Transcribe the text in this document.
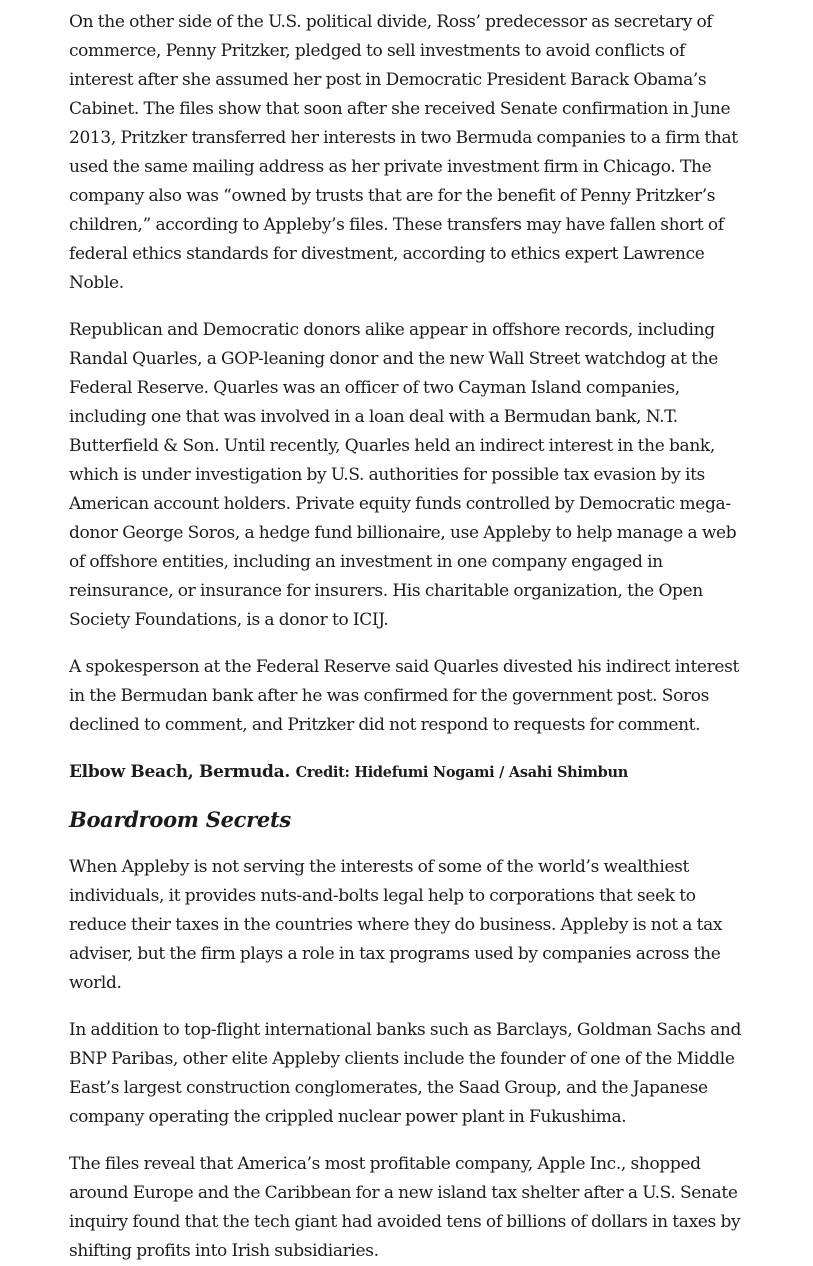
On the other side of the U.S. political divide, Ross’ predecessor as secretary of commerce, Penny Pritzker, pledged to sell investments to avoid conflicts of interest after she assumed her post in Democratic President Barack Obama’s Cabinet. The files show that soon after she received Senate confirmation in June 2013, Pritzker transferred her interests in two Bermuda companies to a firm that used the same mailing address as her private investment firm in Chicago. The company also was “owned by trusts that are for the benefit of Penny Pritzker’s children,” according to Appleby’s files. These transfers may have fallen short of federal ethics standards for divestment, according to ethics expert Lawrence Noble.

Republican and Democratic donors alike appear in offshore records, including Randal Quarles, a GOP-leaning donor and the new Wall Street watchdog at the Federal Reserve. Quarles was an officer of two Cayman Island companies, including one that was involved in a loan deal with a Bermudan bank, N.T. Butterfield & Son. Until recently, Quarles held an indirect interest in the bank, which is under investigation by U.S. authorities for possible tax evasion by its American account holders. Private equity funds controlled by Democratic mega-donor George Soros, a hedge fund billionaire, use Appleby to help manage a web of offshore entities, including an investment in one company engaged in reinsurance, or insurance for insurers. His charitable organization, the Open Society Foundations, is a donor to ICIJ.

A spokesperson at the Federal Reserve said Quarles divested his indirect interest in the Bermudan bank after he was confirmed for the government post. Soros declined to comment, and Pritzker did not respond to requests for comment.

Elbow Beach, Bermuda. Credit: Hidefumi Nogami / Asahi Shimbun
Boardroom Secrets

When Appleby is not serving the interests of some of the world’s wealthiest individuals, it provides nuts-and-bolts legal help to corporations that seek to reduce their taxes in the countries where they do business. Appleby is not a tax adviser, but the firm plays a role in tax programs used by companies across the world.

In addition to top-flight international banks such as Barclays, Goldman Sachs and BNP Paribas, other elite Appleby clients include the founder of one of the Middle East’s largest construction conglomerates, the Saad Group, and the Japanese company operating the crippled nuclear power plant in Fukushima.

The files reveal that America’s most profitable company, Apple Inc., shopped around Europe and the Caribbean for a new island tax shelter after a U.S. Senate inquiry found that the tech giant had avoided tens of billions of dollars in taxes by shifting profits into Irish subsidiaries.
